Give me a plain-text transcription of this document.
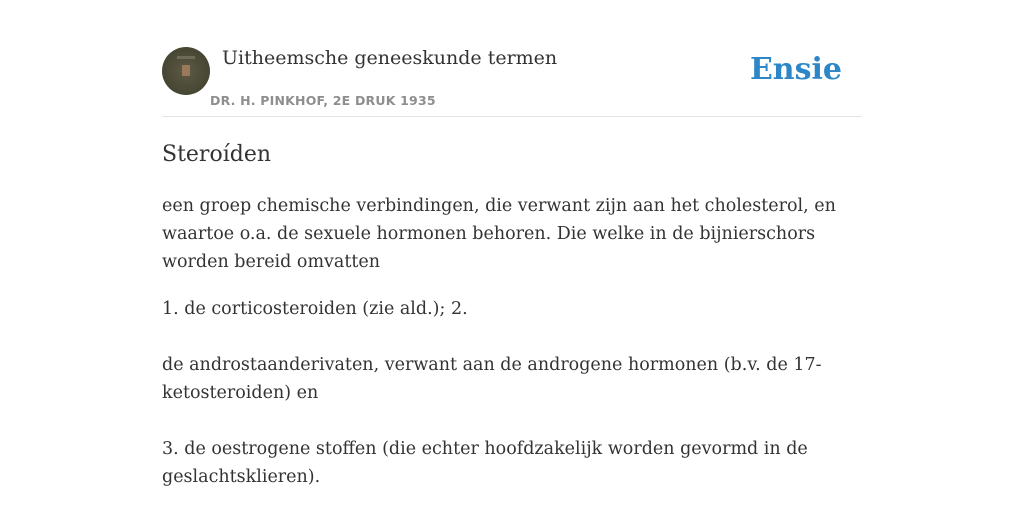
Uitheemsche geneeskunde termen
DR. H. PINKHOF, 2E DRUK 1935
Ensie
Steroíden

een groep chemische verbindingen, die verwant zijn aan het cholesterol, en waartoe o.a. de sexuele hormonen behoren. Die welke in de bijnierschors worden bereid omvatten

1. de corticosteroiden (zie ald.); 2.

de androstaanderivaten, verwant aan de androgene hormonen (b.v. de 17-ketosteroiden) en

3. de oestrogene stoffen (die echter hoofdzakelijk worden gevormd in de geslachtsklieren).
